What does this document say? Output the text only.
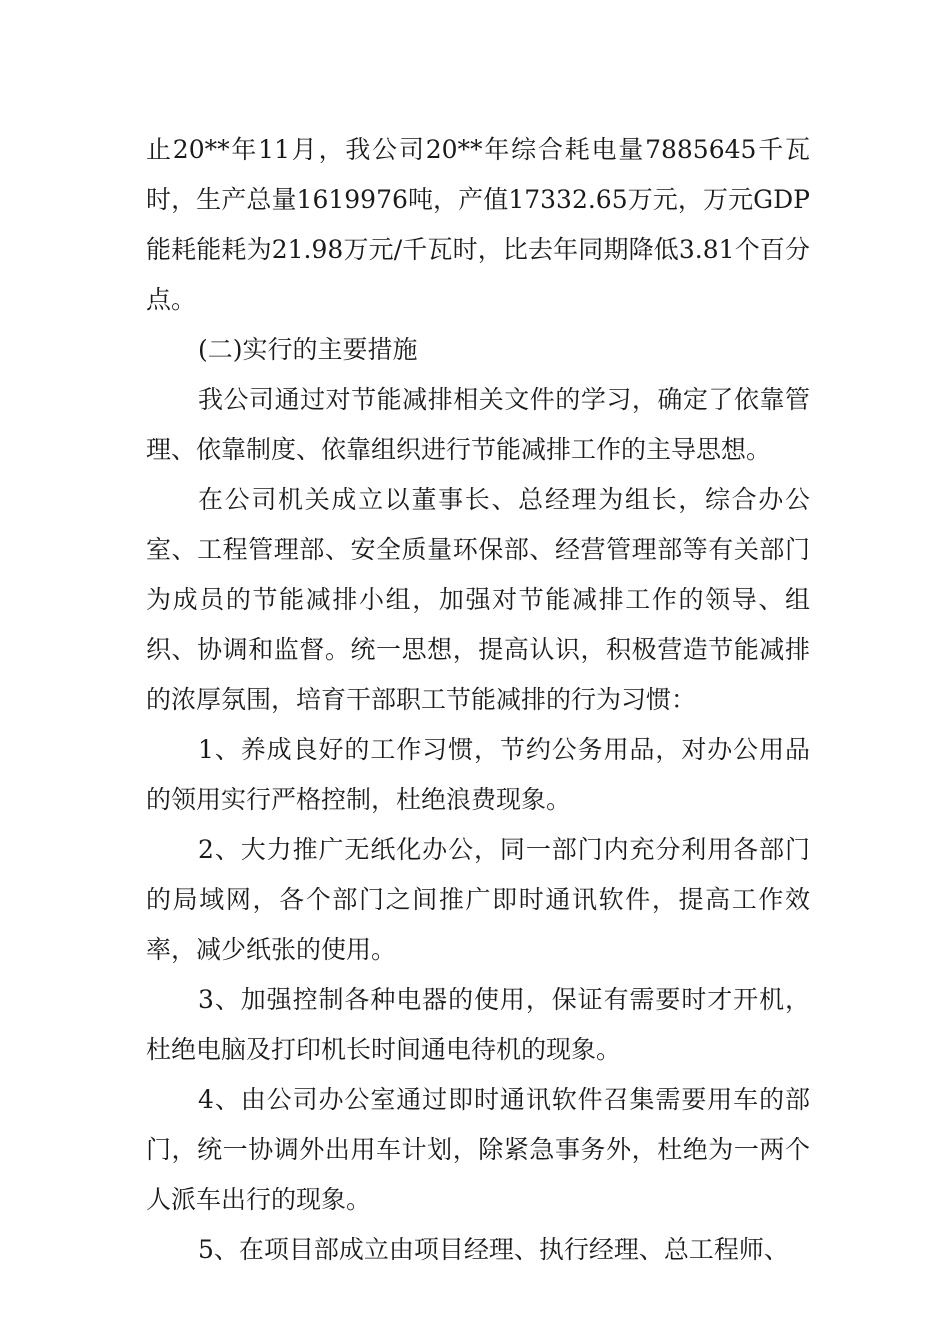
止20**年11月，我公司20**年综合耗电量7885645千瓦时，生产总量1619976吨，产值17332.65万元，万元GDP能耗能耗为21.98万元/千瓦时，比去年同期降低3.81个百分点。

(二)实行的主要措施

我公司通过对节能减排相关文件的学习，确定了依靠管理、依靠制度、依靠组织进行节能减排工作的主导思想。

在公司机关成立以董事长、总经理为组长，综合办公室、工程管理部、安全质量环保部、经营管理部等有关部门为成员的节能减排小组，加强对节能减排工作的领导、组织、协调和监督。统一思想，提高认识，积极营造节能减排的浓厚氛围，培育干部职工节能减排的行为习惯：

1、养成良好的工作习惯，节约公务用品，对办公用品的领用实行严格控制，杜绝浪费现象。

2、大力推广无纸化办公，同一部门内充分利用各部门的局域网，各个部门之间推广即时通讯软件，提高工作效率，减少纸张的使用。

3、加强控制各种电器的使用，保证有需要时才开机，杜绝电脑及打印机长时间通电待机的现象。

4、由公司办公室通过即时通讯软件召集需要用车的部门，统一协调外出用车计划，除紧急事务外，杜绝为一两个人派车出行的现象。

5、在项目部成立由项目经理、执行经理、总工程师、
